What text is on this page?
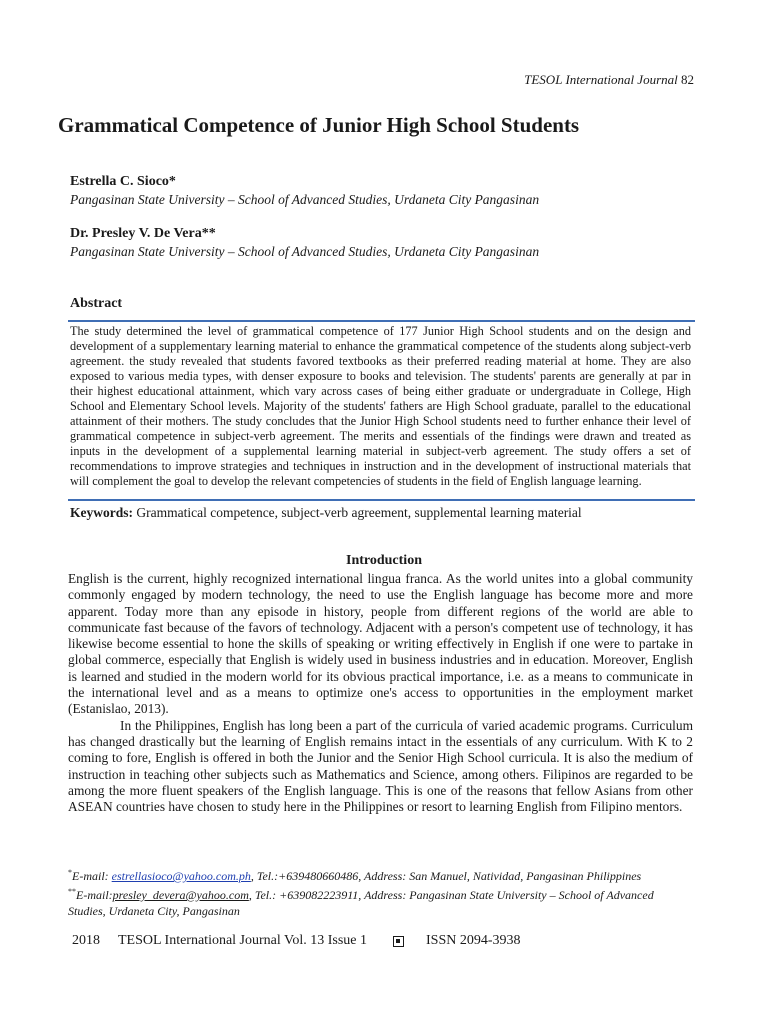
TESOL International Journal 82
Grammatical Competence of Junior High School Students
Estrella C. Sioco*
Pangasinan State University – School of Advanced Studies, Urdaneta City Pangasinan
Dr. Presley V. De Vera**
Pangasinan State University – School of Advanced Studies, Urdaneta City Pangasinan
Abstract

The study determined the level of grammatical competence of 177 Junior High School students and on the design and development of a supplementary learning material to enhance the grammatical competence of the students along subject-verb agreement. the study revealed that students favored textbooks as their preferred reading material at home. They are also exposed to various media types, with denser exposure to books and television. The students' parents are generally at par in their highest educational attainment, which vary across cases of being either graduate or undergraduate in College, High School and Elementary School levels. Majority of the students' fathers are High School graduate, parallel to the educational attainment of their mothers. The study concludes that the Junior High School students need to further enhance their level of grammatical competence in subject-verb agreement. The merits and essentials of the findings were drawn and treated as inputs in the development of a supplemental learning material in subject-verb agreement. The study offers a set of recommendations to improve strategies and techniques in instruction and in the development of instructional materials that will complement the goal to develop the relevant competencies of students in the field of English language learning.

Keywords: Grammatical competence, subject-verb agreement, supplemental learning material
Introduction

English is the current, highly recognized international lingua franca. As the world unites into a global community commonly engaged by modern technology, the need to use the English language has become more and more apparent. Today more than any episode in history, people from different regions of the world are able to communicate fast because of the favors of technology. Adjacent with a person's competent use of technology, it has likewise become essential to hone the skills of speaking or writing effectively in English if one were to partake in global commerce, especially that English is widely used in business industries and in education. Moreover, English is learned and studied in the modern world for its obvious practical importance, i.e. as a means to communicate in the international level and as a means to optimize one's access to opportunities in the employment market (Estanislao, 2013).

In the Philippines, English has long been a part of the curricula of varied academic programs. Curriculum has changed drastically but the learning of English remains intact in the essentials of any curriculum. With K to 2 coming to fore, English is offered in both the Junior and the Senior High School curricula. It is also the medium of instruction in teaching other subjects such as Mathematics and Science, among others. Filipinos are regarded to be among the more fluent speakers of the English language. This is one of the reasons that fellow Asians from other ASEAN countries have chosen to study here in the Philippines or resort to learning English from Filipino mentors.

*E-mail: estrellasioco@yahoo.com.ph, Tel.:+639480660486, Address: San Manuel, Natividad, Pangasinan Philippines

**E-mail:presley_devera@yahoo.com, Tel.: +639082223911, Address: Pangasinan State University – School of Advanced Studies, Urdaneta City, Pangasinan

2018 TESOL International Journal Vol. 13 Issue 1	ISSN 2094-3938
